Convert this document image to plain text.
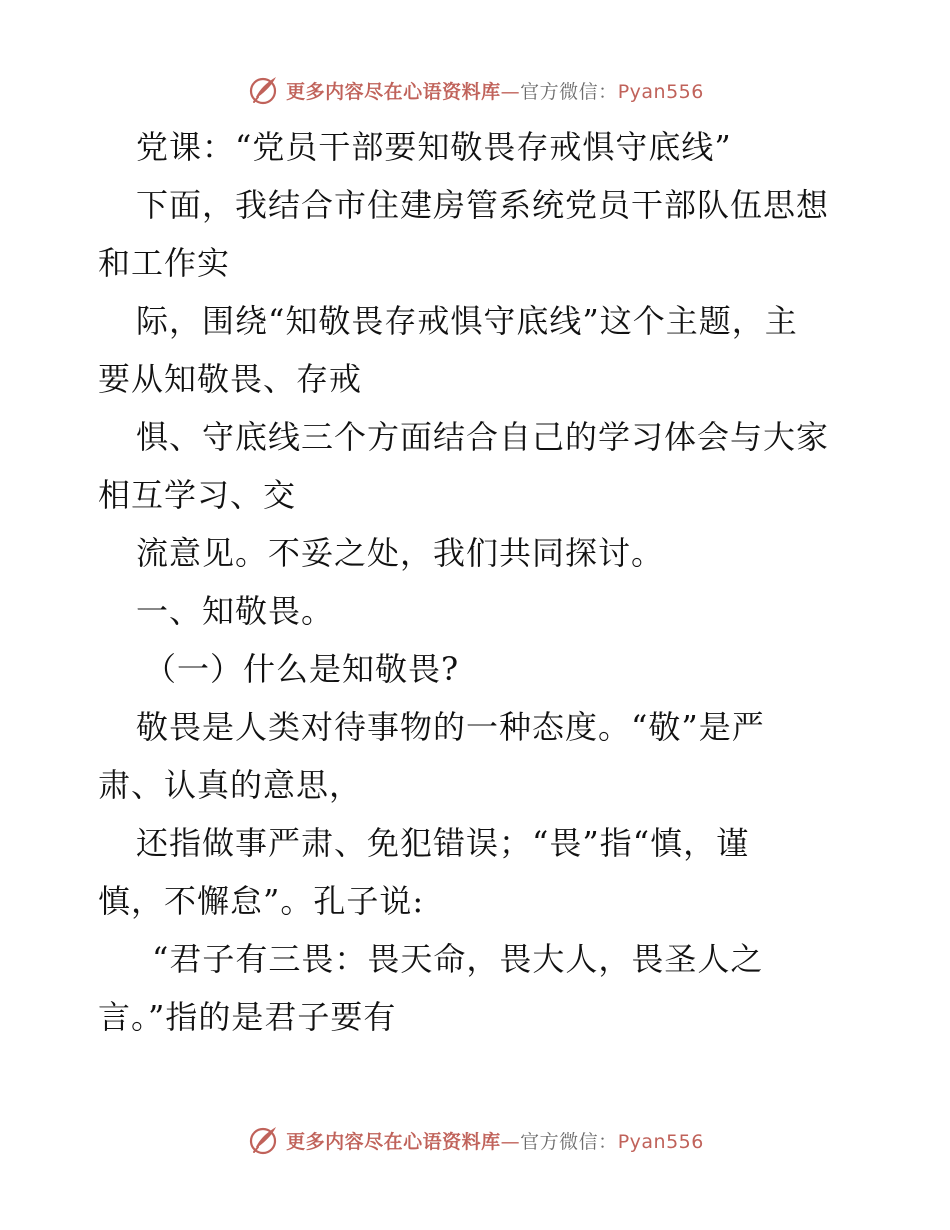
更多内容尽在心语资料库—官方微信：Pyan556
党课：“党员干部要知敬畏存戒惧守底线”
下面，我结合市住建房管系统党员干部队伍思想
和工作实
际，围绕“知敬畏存戒惧守底线”这个主题，主
要从知敬畏、存戒
惧、守底线三个方面结合自己的学习体会与大家
相互学习、交
流意见。不妥之处，我们共同探讨。
一、知敬畏。
（一）什么是知敬畏?
敬畏是人类对待事物的一种态度。“敬”是严
肃、认真的意思，
还指做事严肃、免犯错误；“畏”指“慎，谨
慎，不懈怠”。孔子说:
“君子有三畏：畏天命，畏大人，畏圣人之
言。”指的是君子要有
更多内容尽在心语资料库—官方微信：Pyan556
